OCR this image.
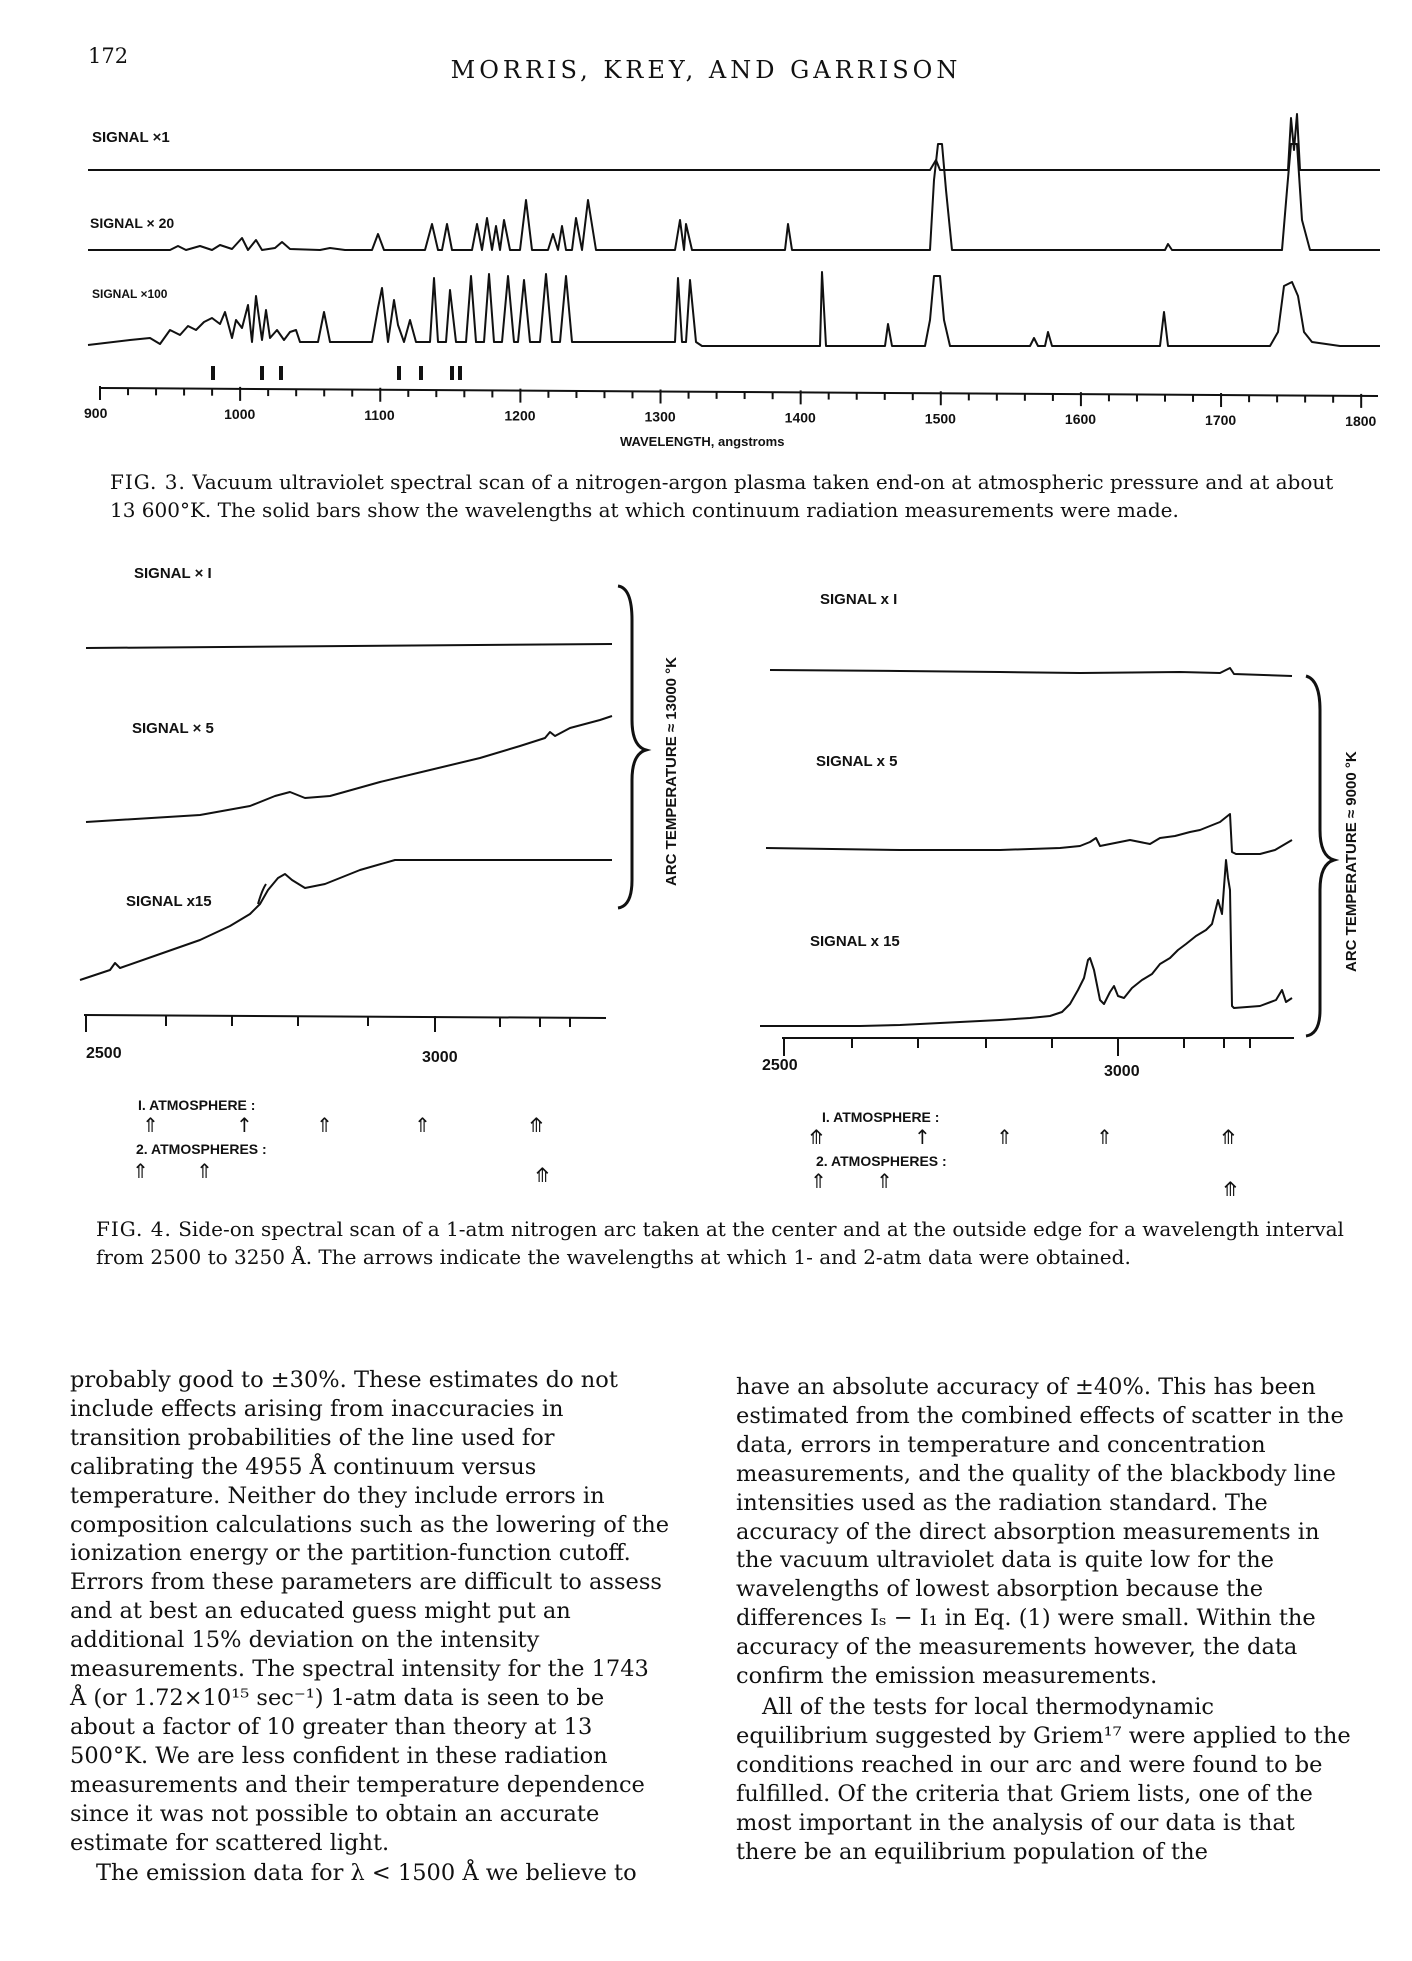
172	MORRIS, KREY, AND GARRISON
SIGNAL ×1
SIGNAL × 20
SIGNAL ×100
900	1000	1100	1200	1300	1400	1500	1600	1700	1800
WAVELENGTH, angstroms
FIG. 3. Vacuum ultraviolet spectral scan of a nitrogen-argon plasma taken end-on at atmospheric pressure and at about 13 600°K. The solid bars show the wavelengths at which continuum radiation measurements were made.
SIGNAL × I
SIGNAL × 5
SIGNAL x15
ARC TEMPERATURE ≈ 13000 °K
2500	3000
I. ATMOSPHERE :
2. ATMOSPHERES :
⇑	↑	⇑	⇑	⤊
⇑ ⇑	⤊
SIGNAL x I
SIGNAL x 5
SIGNAL x 15	ARC TEMPERATURE ≈ 9000 °K
2500	3000
I. ATMOSPHERE :
2. ATMOSPHERES :
⤊	↑	⇑	⇑	⤊
⇑ ⇑	⤊
FIG. 4. Side-on spectral scan of a 1-atm nitrogen arc taken at the center and at the outside edge for a wavelength interval from 2500 to 3250 Å. The arrows indicate the wavelengths at which 1- and 2-atm data were obtained.

probably good to ±30%. These estimates do not include effects arising from inaccuracies in transition probabilities of the line used for calibrating the 4955 Å continuum versus temperature. Neither do they include errors in composition calculations such as the lowering of the ionization energy or the partition-function cutoff. Errors from these parameters are difficult to assess and at best an educated guess might put an additional 15% deviation on the intensity measurements. The spectral intensity for the 1743 Å (or 1.72×10¹⁵ sec⁻¹) 1-atm data is seen to be about a factor of 10 greater than theory at 13 500°K. We are less confident in these radiation measurements and their temperature dependence since it was not possible to obtain an accurate estimate for scattered light.

The emission data for λ < 1500 Å we believe to

have an absolute accuracy of ±40%. This has been estimated from the combined effects of scatter in the data, errors in temperature and concentration measurements, and the quality of the blackbody line intensities used as the radiation standard. The accuracy of the direct absorption measurements in the vacuum ultraviolet data is quite low for the wavelengths of lowest absorption because the differences Iₛ − I₁ in Eq. (1) were small. Within the accuracy of the measurements however, the data confirm the emission measurements.

All of the tests for local thermodynamic equilibrium suggested by Griem¹⁷ were applied to the conditions reached in our arc and were found to be fulfilled. Of the criteria that Griem lists, one of the most important in the analysis of our data is that there be an equilibrium population of the
